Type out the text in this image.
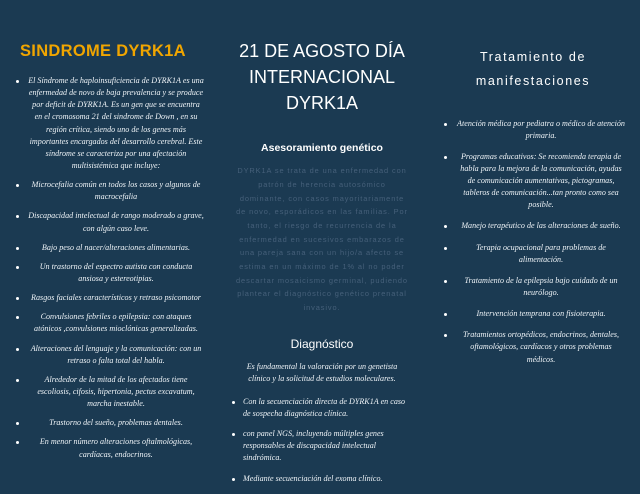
SINDROME DYRK1A
El Síndrome de haploinsuficiencia de DYRK1A es una enfermedad de novo de baja prevalencia y se produce por deficit de DYRK1A. Es un gen que se encuentra en el cromosoma 21 del sindrome de Down , en su región crítica, siendo uno de los genes más importantes encargados del desarrollo cerebral. Este síndrome se caracteriza por una afectación multisistémica que incluye:
Microcefalia común en todos los casos y algunos de macrocefalia
Discapacidad intelectual de rango moderado a grave, con algún caso leve.
Bajo peso al nacer/alteraciones alimentarias.
Un trastorno del espectro autista con conducta ansiosa y estereotipias.
Rasgos faciales característicos y retraso psicomotor
Convulsiones febriles o epilepsia: con ataques atónicos ,convulsiones mioclónicas generalizadas.
Alteraciones del lenguaje y la comunicación: con un retraso o falta total del habla.
Alrededor de la mitad de los afectados tiene escoliosis, cifosis, hipertonia, pectus excavatum, marcha inestable.
Trastorno del sueño, problemas dentales.
En menor número alteraciones oftalmológicas, cardíacas, endocrinos.
21 DE AGOSTO DÍA INTERNACIONAL DYRK1A
Asesoramiento genético
DYRK1A se trata de una enfermedad con patrón de herencia autosómico dominante, con casos mayoritariamente de novo, esporádicos en las familias. Por tanto, el riesgo de recurrencia de la enfermedad en sucesivos embarazos de una pareja sana con un hijo/a afecto se estima en un máximo de 1% al no poder descartar mosaicismo germinal, pudiendo plantear el diagnóstico genético prenatal invasivo.
Diagnóstico
Es fundamental la valoración por un genetista clínico y la solicitud de estudios moleculares.
Con la secuenciación directa de DYRK1A en caso de sospecha diagnóstica clínica.
con panel NGS, incluyendo múltiples genes responsables de discapacidad intelectual sindrómica.
Mediante secuenciación del exoma clínico.
Tratamiento de manifestaciones
Atención médica por pediatra o médico de atención primaria.
Programas educativos: Se recomienda terapia de habla para la mejora de la comunicación, ayudas de comunicación aumentativas, pictogramas, tableros de comunicación...tan pronto como sea posible.
Manejo terapéutico de las alteraciones de sueño.
Terapia ocupacional para problemas de alimentación.
Tratamiento de la epilepsia bajo cuidado de un neurólogo.
Intervención temprana con fisioterapia.
Tratamientos ortopédicos, endocrinos, dentales, oftamológicos, cardíacos y otros problemas médicos.
